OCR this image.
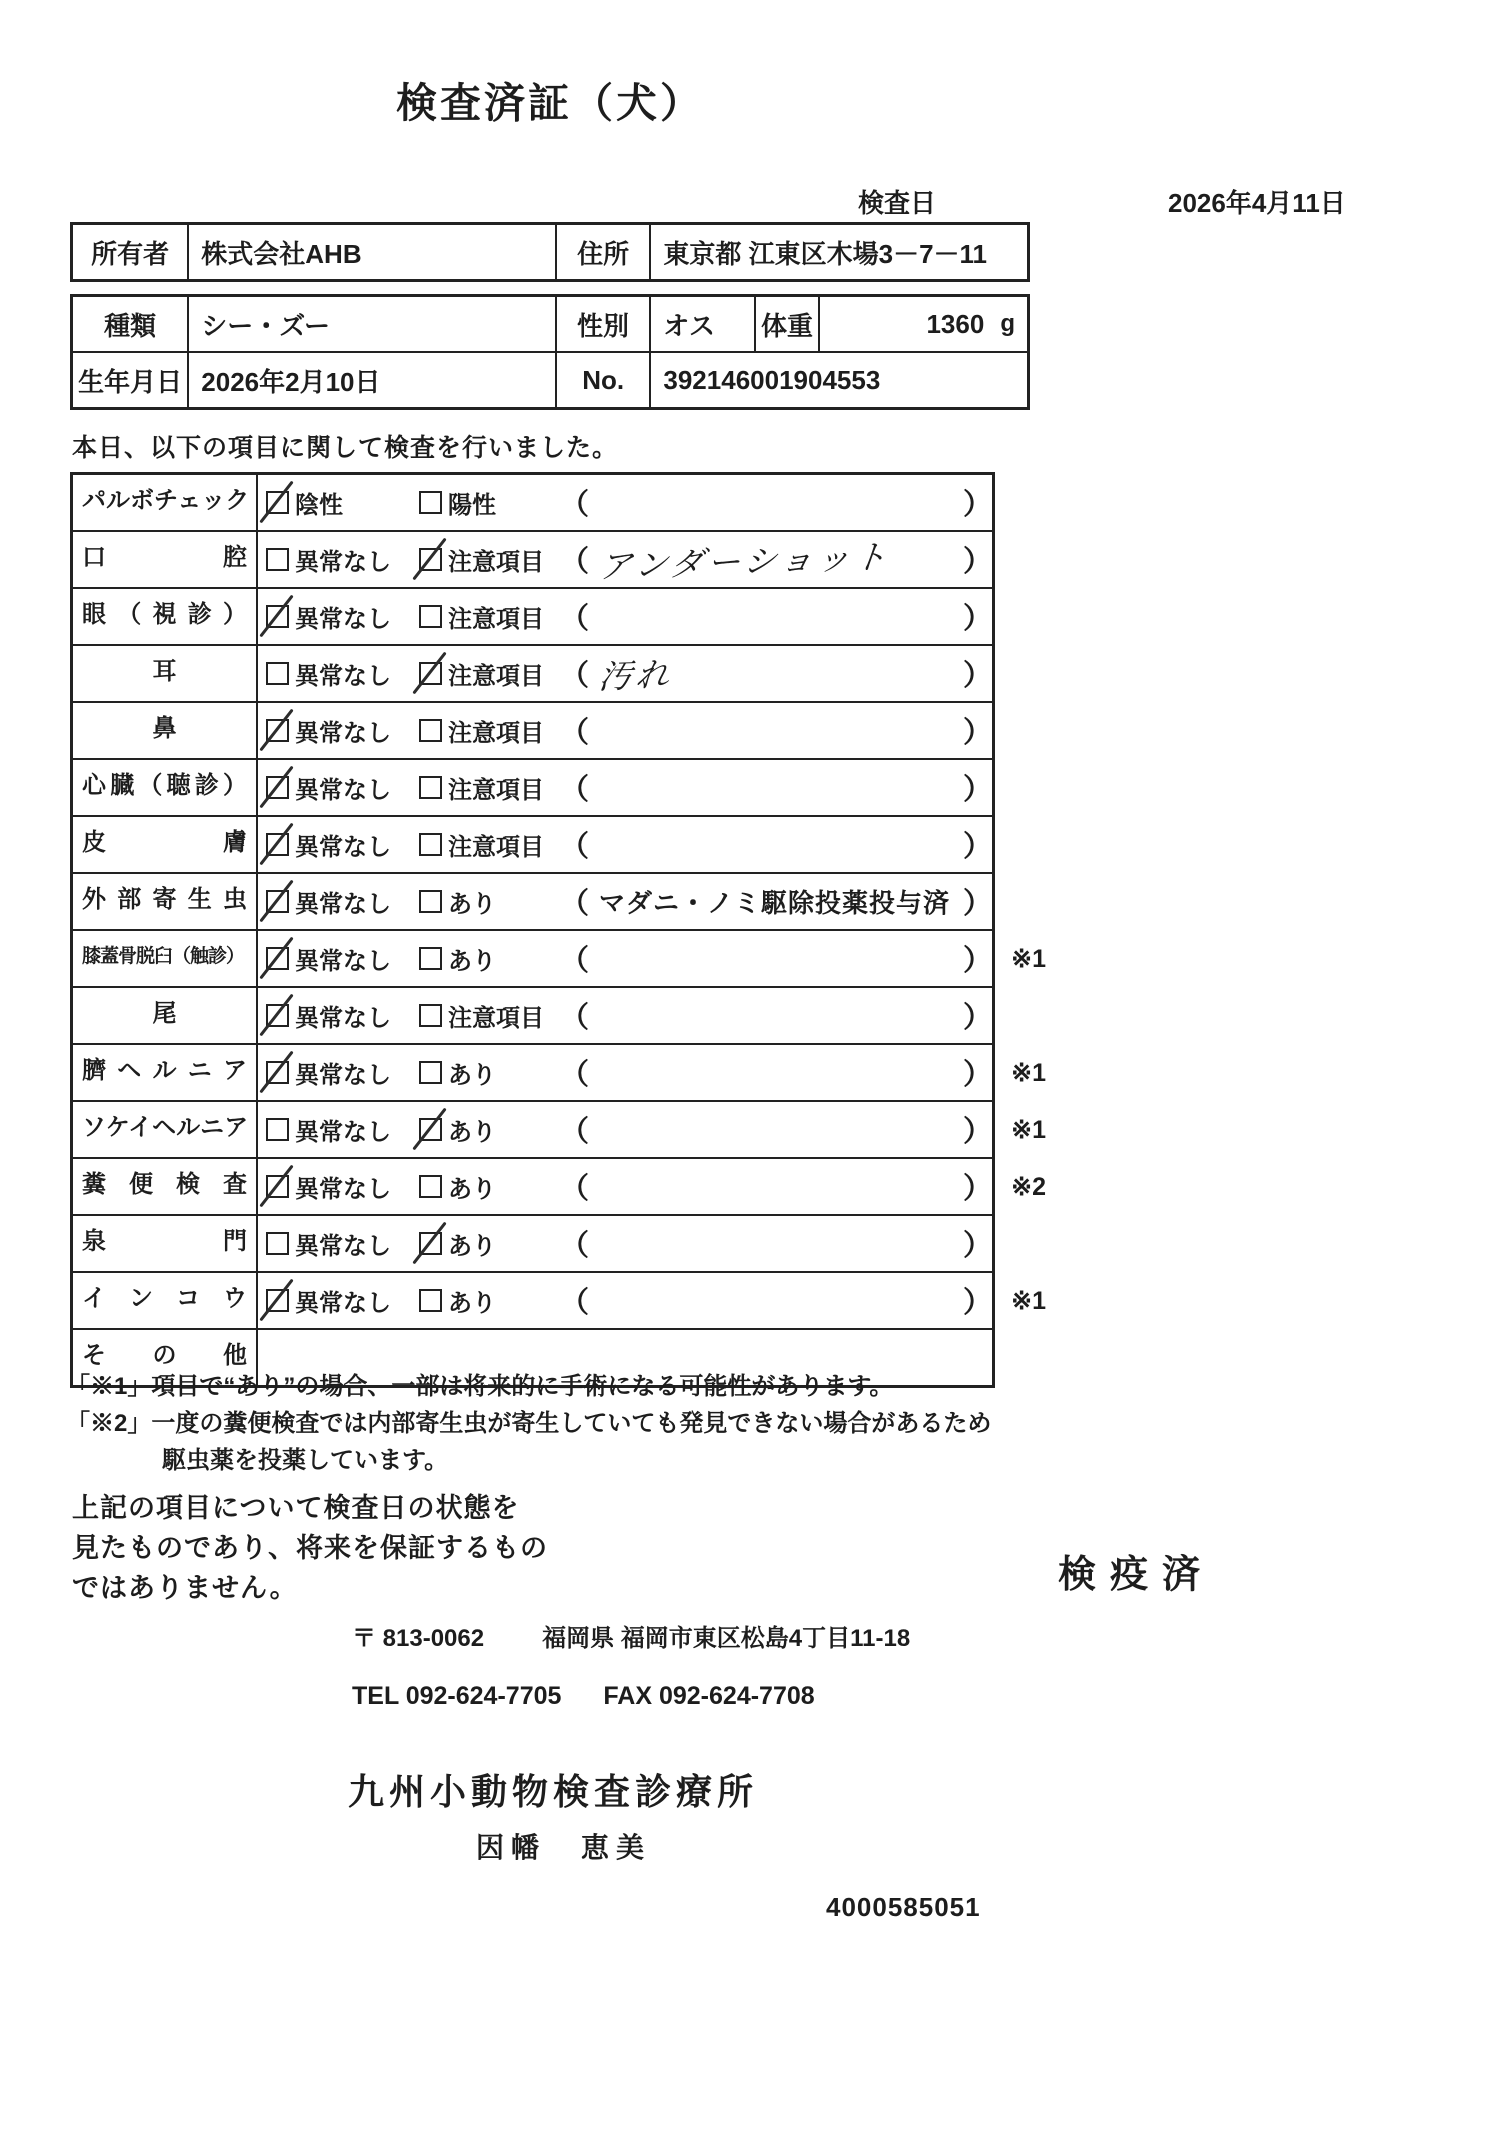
検査済証（犬）
検査日	2026年4月11日
所有者	株式会社AHB	住所	東京都 江東区木場3－7－11
種類	シー・ズー	性別	オス	体重	1360 g
生年月日 2026年2月10日	No.	392146001904553
本日、以下の項目に関して検査を行いました。
パルボチェック	陰性	陽性 （	）
口腔	異常なし 注意項目 （ アンダーショット ）
眼（視診）	異常なし 注意項目 （	）
耳	異常なし 注意項目 （ 汚れ	）
鼻	異常なし 注意項目 （	）
心臓（聴診）	異常なし 注意項目 （	）
皮膚	異常なし 注意項目 （	）
外部寄生虫	異常なし あり （ マダニ・ノミ駆除投薬投与済 ）
膝蓋骨脱臼（触診）	異常なし あり （	） ※1
尾	異常なし 注意項目 （	）
臍ヘルニア	異常なし あり （	） ※1
ソケイヘルニア	異常なし あり （	） ※1
糞便検査	異常なし あり （	） ※2
泉門	異常なし あり （	）
インコウ	異常なし あり （	） ※1
その他
「※1」項目で“あり”の場合、一部は将来的に手術になる可能性があります。
「※2」一度の糞便検査では内部寄生虫が寄生していても発見できない場合があるため
駆虫薬を投薬しています。
上記の項目について検査日の状態を
見たものであり、将来を保証するもの
ではありません。	検疫済
〒 813-0062 福岡県 福岡市東区松島4丁目11-18
TEL 092-624-7705 FAX 092-624-7708
九州小動物検査診療所
因幡　恵美
4000585051
